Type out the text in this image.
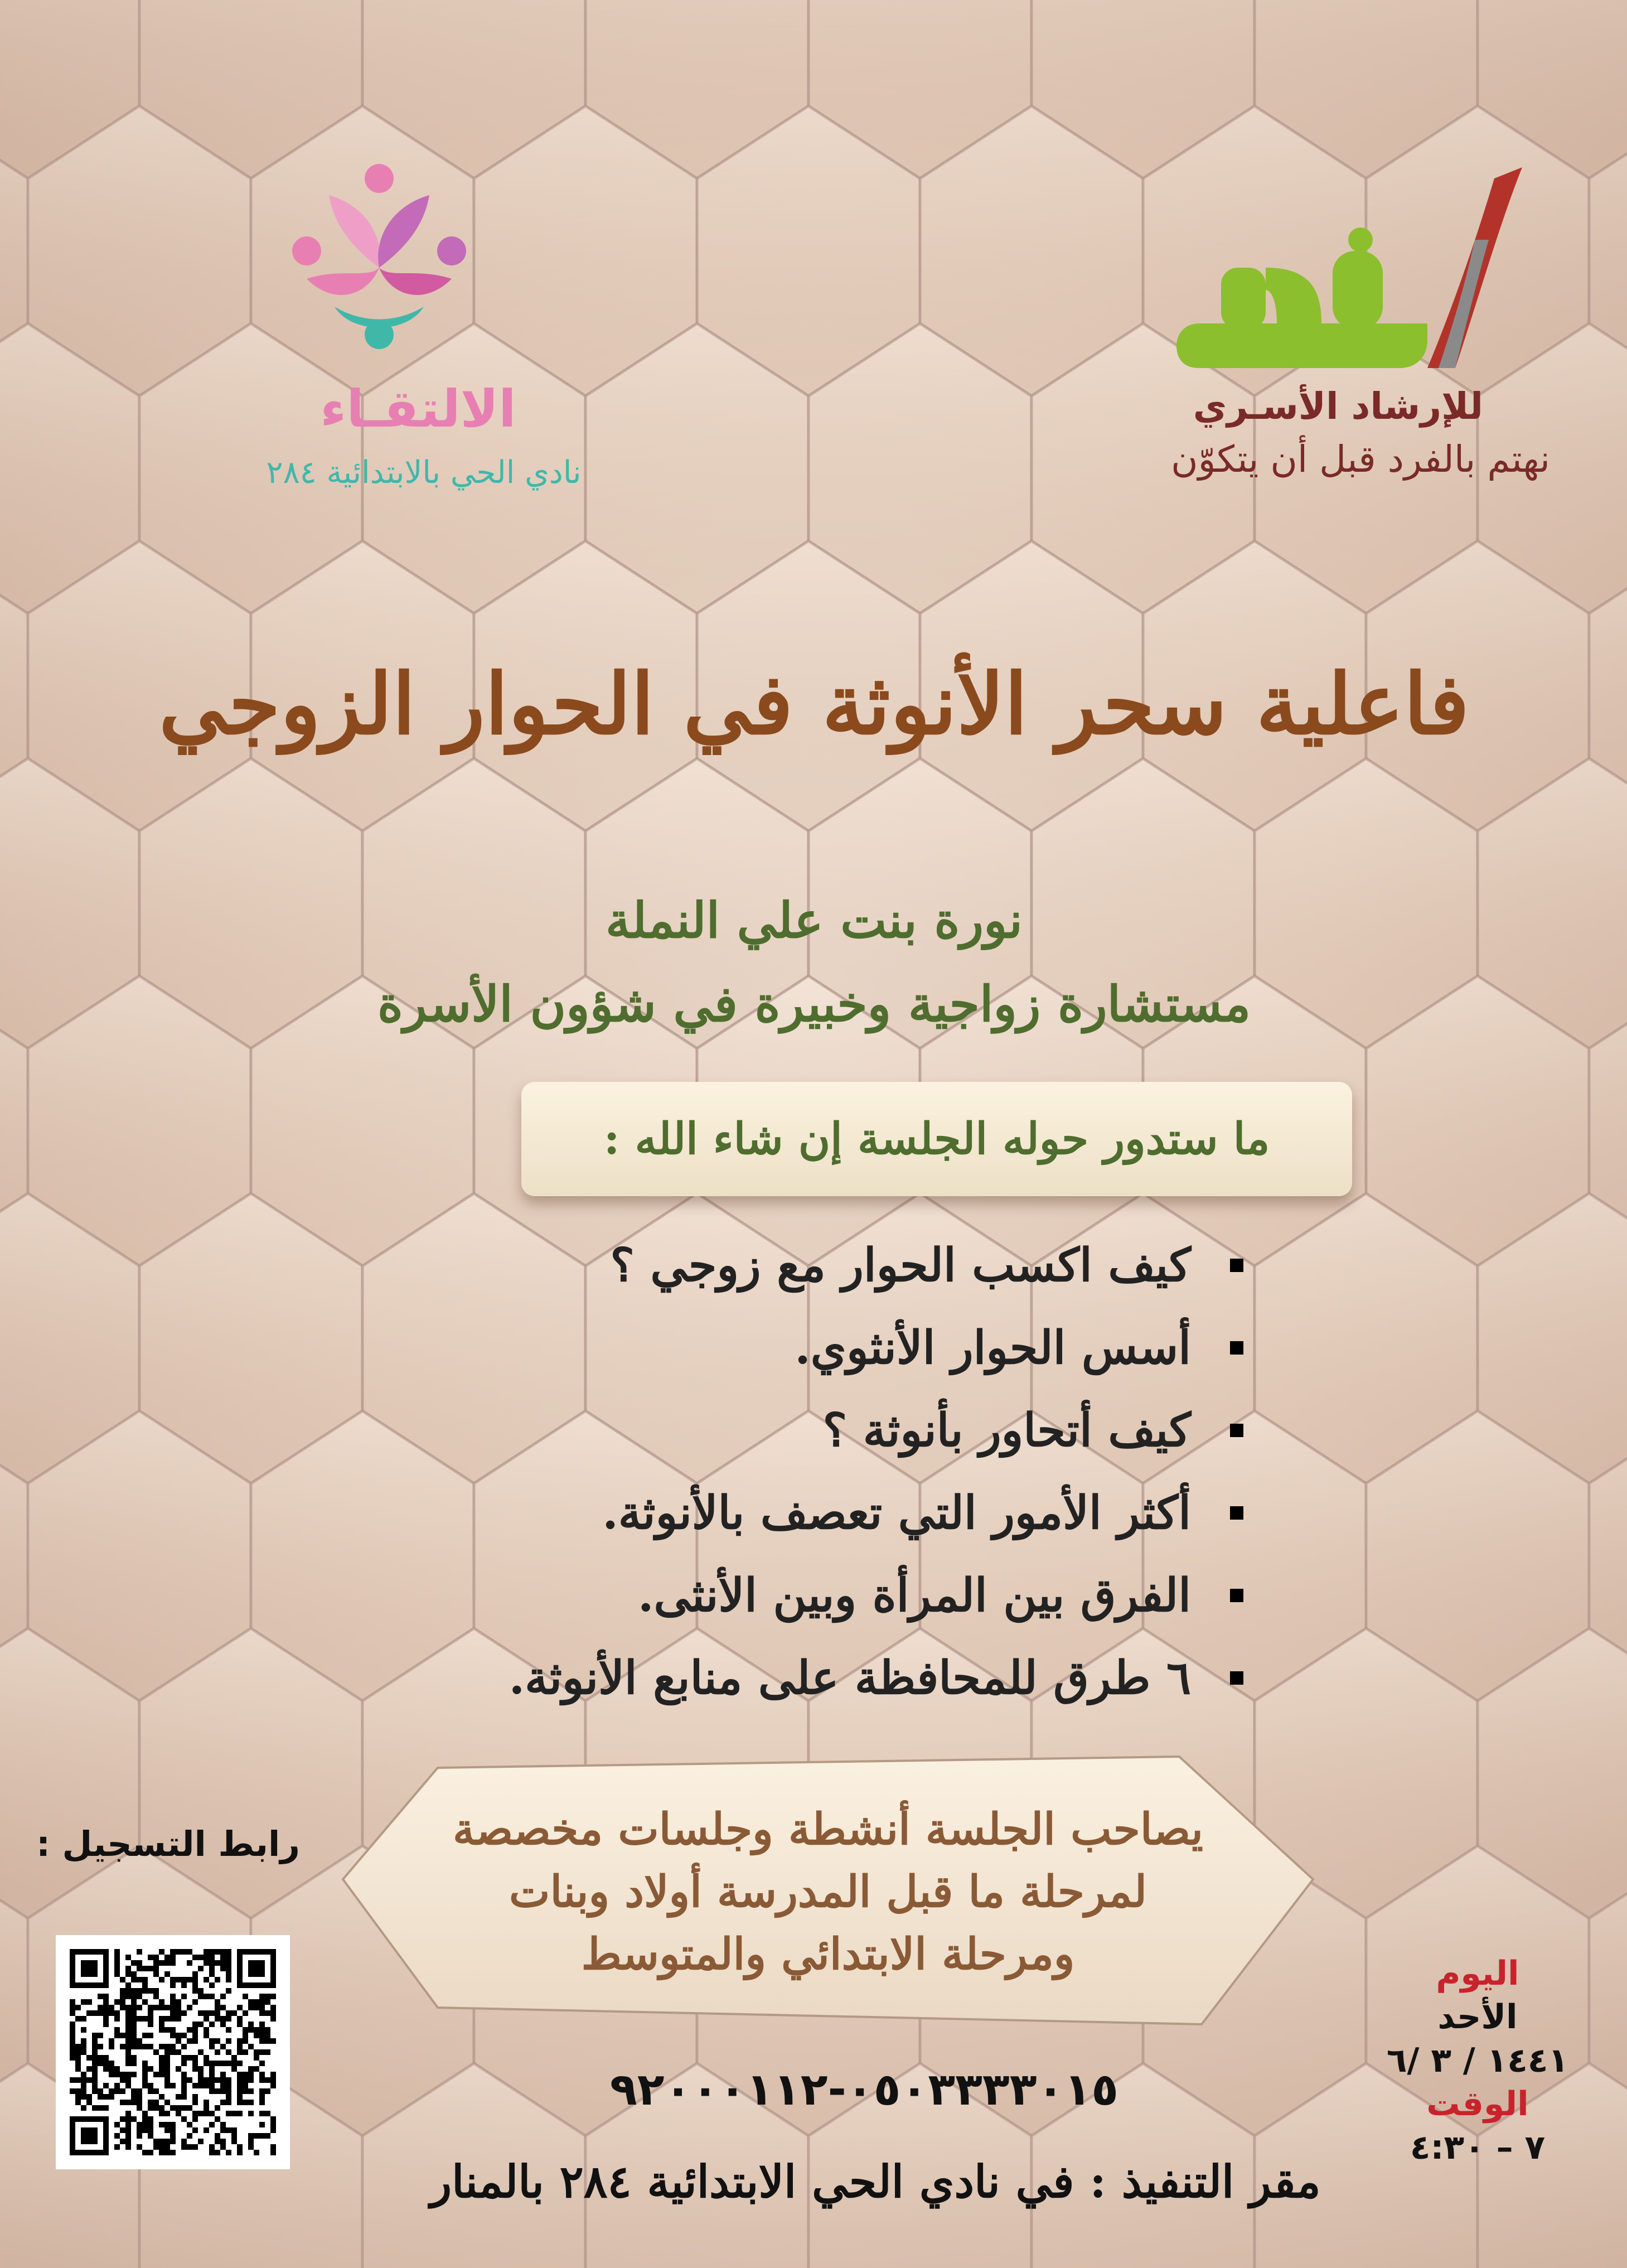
رفد
للإرشاد الأسـري
نهتم بالفرد قبل أن يتكوّن
الالتقـاء
نادي الحي بالابتدائية ٢٨٤
فاعلية سحر الأنوثة في الحوار الزوجي
نورة بنت علي النملة
مستشارة زواجية وخبيرة في شؤون الأسرة
ما ستدور حوله الجلسة إن شاء الله :
كيف اكسب الحوار مع زوجي ؟
أسس الحوار الأنثوي.
كيف أتحاور بأنوثة ؟
أكثر الأمور التي تعصف بالأنوثة.
الفرق بين المرأة وبين الأنثى.
٦ طرق للمحافظة على منابع الأنوثة.
يصاحب الجلسة أنشطة وجلسات مخصصة
لمرحلة ما قبل المدرسة أولاد وبنات
ومرحلة الابتدائي والمتوسط
رابط التسجيل :
اليوم
الأحد
١٤٤١ / ٣ /٦
الوقت
٧ – ٤:٣٠
٠٥٠٣٣٣٣٠١٥-٩٢٠٠٠١١٢
مقر التنفيذ : في نادي الحي الابتدائية ٢٨٤ بالمنار
